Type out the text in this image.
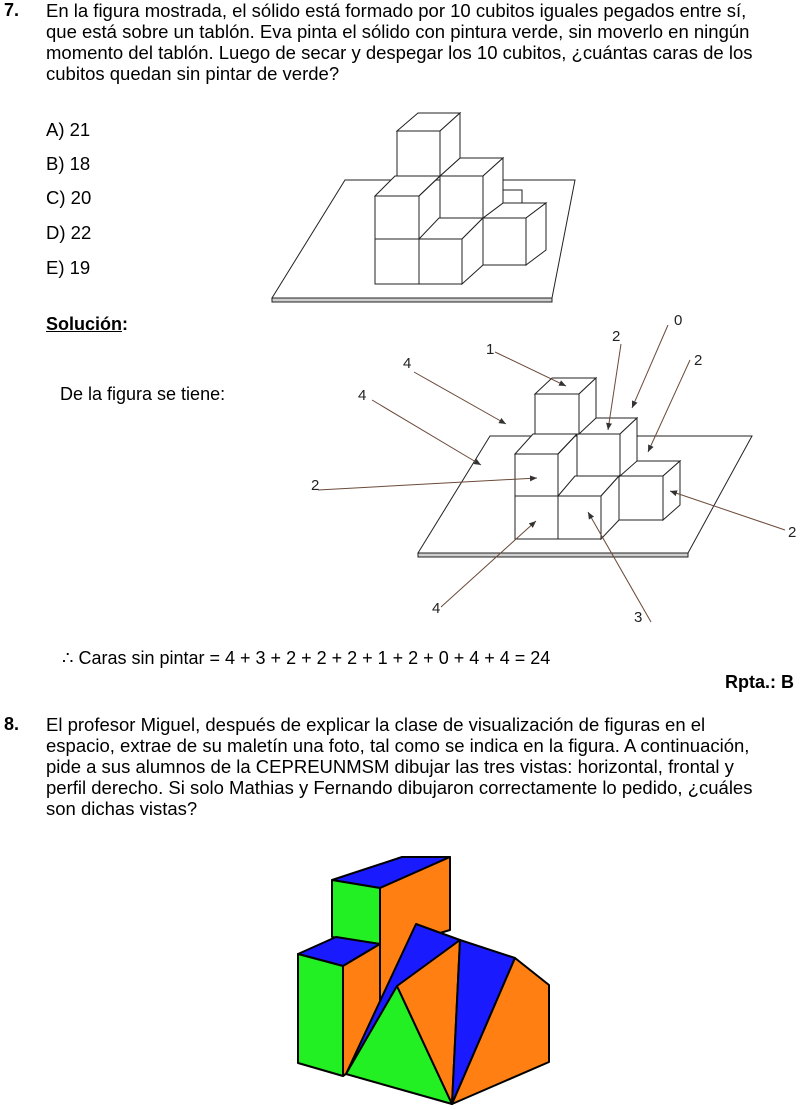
7. En la figura mostrada, el sólido está formado por 10 cubitos iguales pegados entre sí,
que está sobre un tablón. Eva pinta el sólido con pintura verde, sin moverlo en ningún
momento del tablón. Luego de secar y despegar los 10 cubitos, ¿cuántas caras de los
cubitos quedan sin pintar de verde?
A) 21
B) 18
C) 20
D) 22
E) 19
Solución:
De la figura se tiene:
0
1
2
2
4
4
2
2
4
3
∴ Caras sin pintar = 4 + 3 + 2 + 2 + 2 + 1 + 2 + 0 + 4 + 4 = 24
Rpta.: B
8. El profesor Miguel, después de explicar la clase de visualización de figuras en el
espacio, extrae de su maletín una foto, tal como se indica en la figura. A continuación,
pide a sus alumnos de la CEPREUNMSM dibujar las tres vistas: horizontal, frontal y
perfil derecho. Si solo Mathias y Fernando dibujaron correctamente lo pedido, ¿cuáles
son dichas vistas?
